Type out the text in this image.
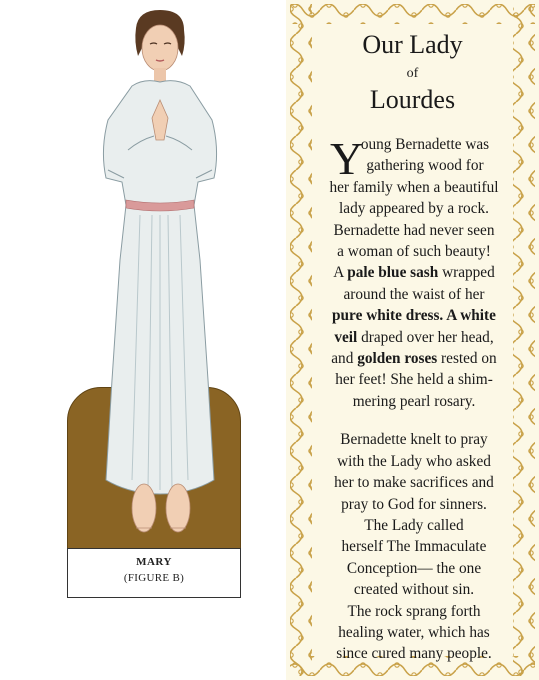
MARY
(FIGURE B)
Our Lady
of
Lourdes
Y
oung Bernadette was
gathering wood for
her family when a beautiful
lady appeared by a rock.
Bernadette had never seen
a woman of such beauty!
A pale blue sash wrapped
around the waist of her
pure white dress. A white
veil draped over her head,
and golden roses rested on
her feet! She held a shim-
mering pearl rosary.
Bernadette knelt to pray
with the Lady who asked
her to make sacrifices and
pray to God for sinners.
The Lady called
herself The Immaculate
Conception— the one
created without sin.
The rock sprang forth
healing water, which has
since cured many people.
